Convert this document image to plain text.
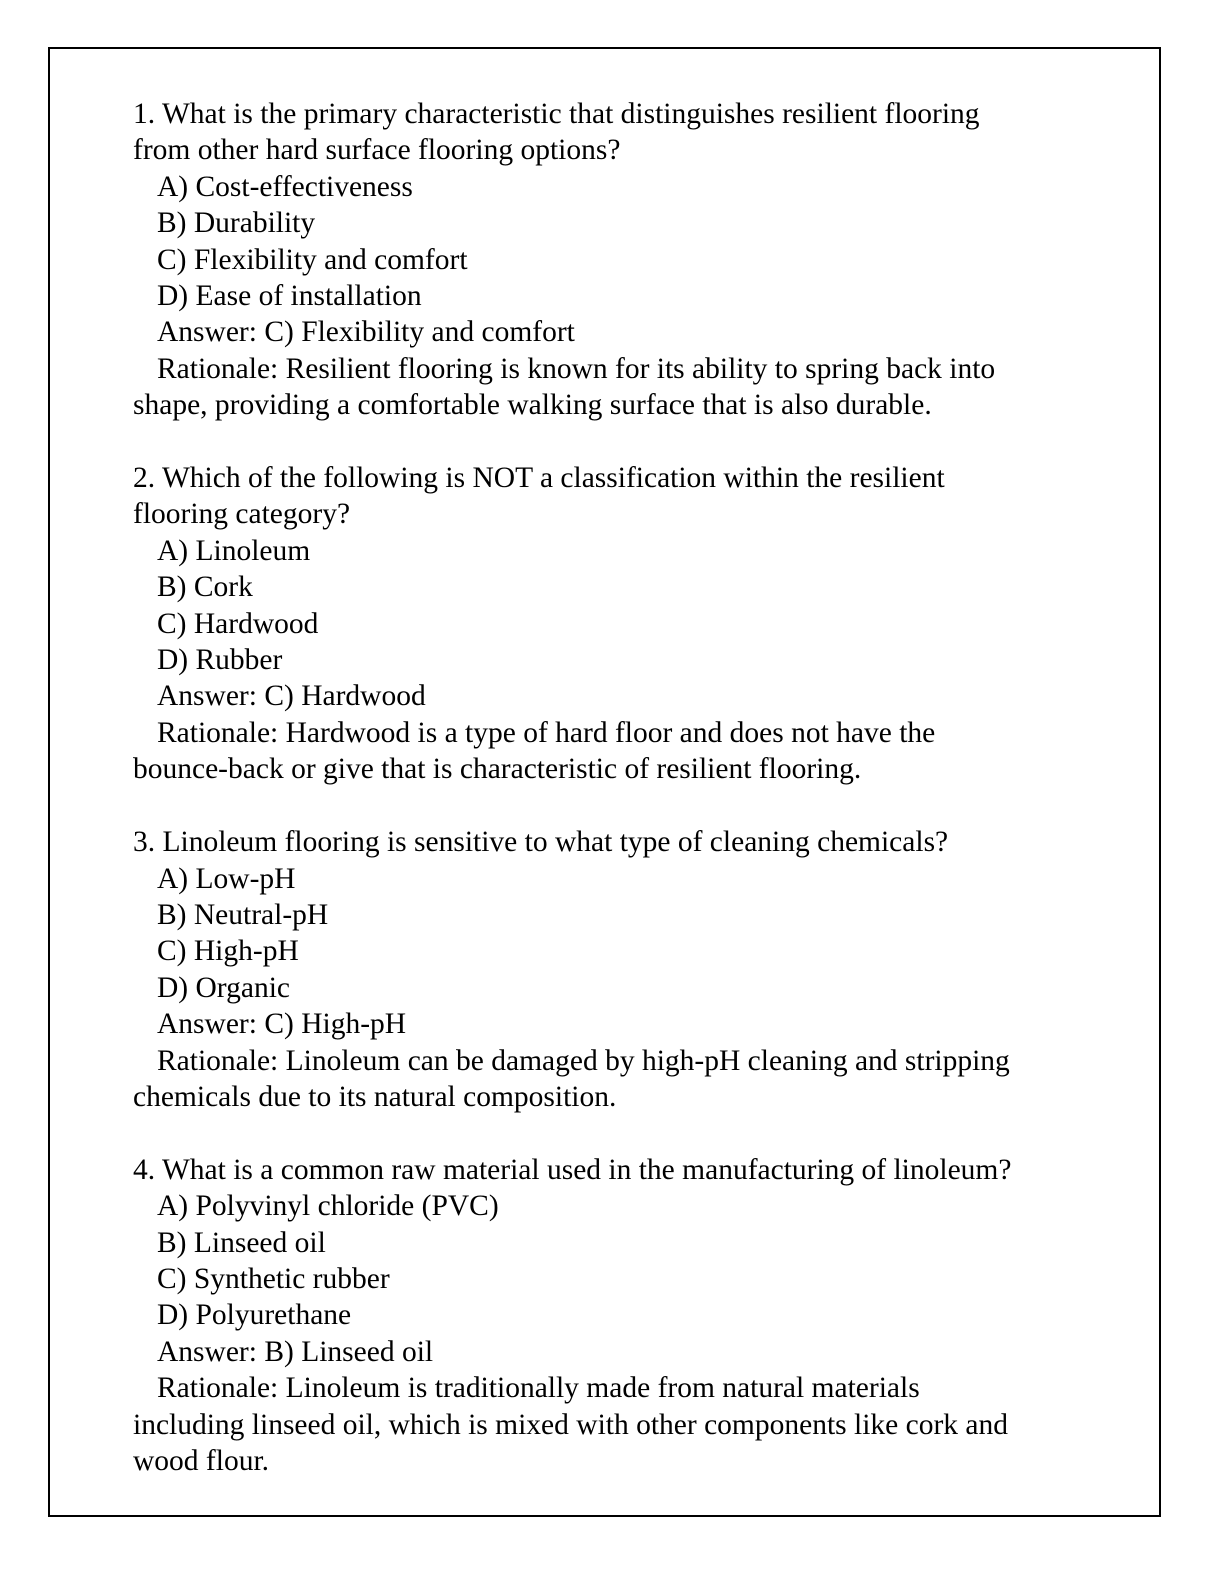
1. What is the primary characteristic that distinguishes resilient flooring
from other hard surface flooring options?
A) Cost-effectiveness
B) Durability
C) Flexibility and comfort
D) Ease of installation
Answer: C) Flexibility and comfort
Rationale: Resilient flooring is known for its ability to spring back into
shape, providing a comfortable walking surface that is also durable.
2. Which of the following is NOT a classification within the resilient
flooring category?
A) Linoleum
B) Cork
C) Hardwood
D) Rubber
Answer: C) Hardwood
Rationale: Hardwood is a type of hard floor and does not have the
bounce-back or give that is characteristic of resilient flooring.
3. Linoleum flooring is sensitive to what type of cleaning chemicals?
A) Low-pH
B) Neutral-pH
C) High-pH
D) Organic
Answer: C) High-pH
Rationale: Linoleum can be damaged by high-pH cleaning and stripping
chemicals due to its natural composition.
4. What is a common raw material used in the manufacturing of linoleum?
A) Polyvinyl chloride (PVC)
B) Linseed oil
C) Synthetic rubber
D) Polyurethane
Answer: B) Linseed oil
Rationale: Linoleum is traditionally made from natural materials
including linseed oil, which is mixed with other components like cork and
wood flour.
